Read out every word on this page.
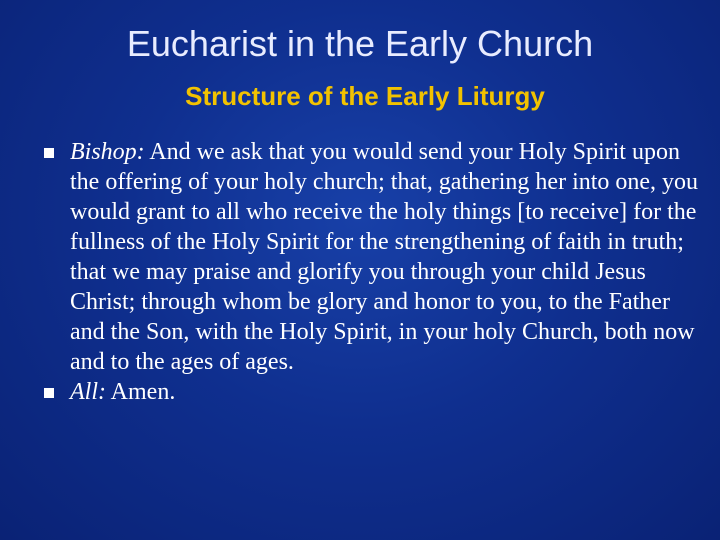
Eucharist in the Early Church
Structure of the Early Liturgy
Bishop: And we ask that you would send your Holy Spirit upon the offering of your holy church; that, gathering her into one, you would grant to all who receive the holy things [to receive] for the fullness of the Holy Spirit for the strengthening of faith in truth; that we may praise and glorify you through your child Jesus Christ; through whom be glory and honor to you, to the Father and the Son, with the Holy Spirit, in your holy Church, both now and to the ages of ages.
All: Amen.
